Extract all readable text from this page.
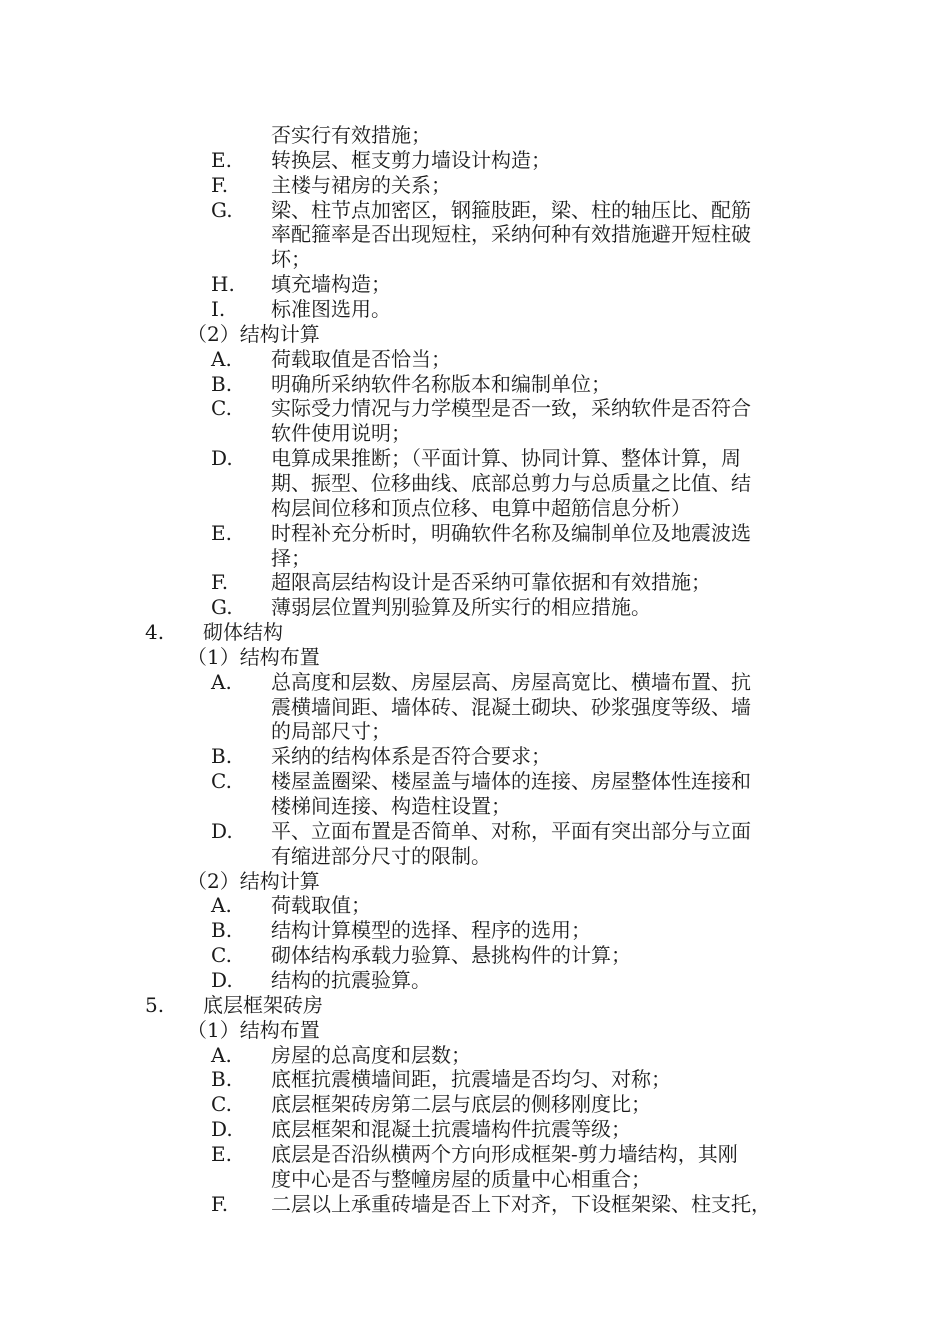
否实行有效措施；
E. 转换层、框支剪力墙设计构造；
F. 主楼与裙房的关系；
G. 梁、柱节点加密区，钢箍肢距，梁、柱的轴压比、配筋
率配箍率是否出现短柱，采纳何种有效措施避开短柱破
坏；
H. 填充墙构造；
I. 标准图选用。
（2）结构计算
A. 荷载取值是否恰当；
B. 明确所采纳软件名称版本和编制单位；
C. 实际受力情况与力学模型是否一致，采纳软件是否符合
软件使用说明；
D. 电算成果推断；（平面计算、协同计算、整体计算，周
期、振型、位移曲线、底部总剪力与总质量之比值、结
构层间位移和顶点位移、电算中超筋信息分析）
E. 时程补充分析时，明确软件名称及编制单位及地震波选
择；
F. 超限高层结构设计是否采纳可靠依据和有效措施；
G. 薄弱层位置判别验算及所实行的相应措施。
4. 砌体结构
（1）结构布置
A. 总高度和层数、房屋层高、房屋高宽比、横墙布置、抗
震横墙间距、墙体砖、混凝土砌块、砂浆强度等级、墙
的局部尺寸；
B. 采纳的结构体系是否符合要求；
C. 楼屋盖圈梁、楼屋盖与墙体的连接、房屋整体性连接和
楼梯间连接、构造柱设置；
D. 平、立面布置是否简单、对称，平面有突出部分与立面
有缩进部分尺寸的限制。
（2）结构计算
A. 荷载取值；
B. 结构计算模型的选择、程序的选用；
C. 砌体结构承载力验算、悬挑构件的计算；
D. 结构的抗震验算。
5. 底层框架砖房
（1）结构布置
A. 房屋的总高度和层数；
B. 底框抗震横墙间距，抗震墙是否均匀、对称；
C. 底层框架砖房第二层与底层的侧移刚度比；
D. 底层框架和混凝土抗震墙构件抗震等级；
E. 底层是否沿纵横两个方向形成框架-剪力墙结构，其刚
度中心是否与整幢房屋的质量中心相重合；
F. 二层以上承重砖墙是否上下对齐，下设框架梁、柱支托，
